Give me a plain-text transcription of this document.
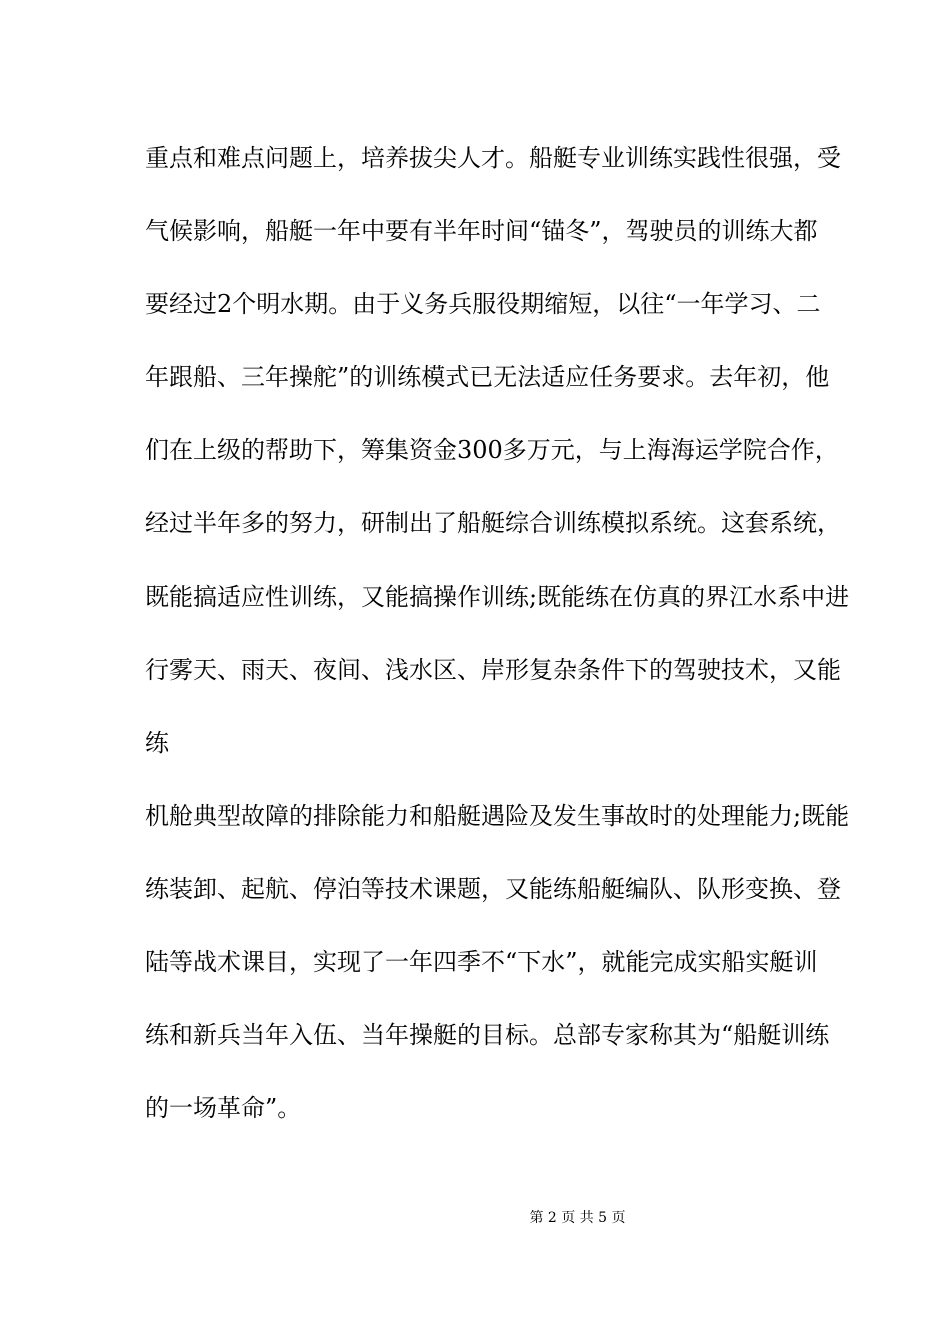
重点和难点问题上，培养拔尖人才。船艇专业训练实践性很强，受
气候影响，船艇一年中要有半年时间“锚冬”，驾驶员的训练大都
要经过2个明水期。由于义务兵服役期缩短，以往“一年学习、二
年跟船、三年操舵”的训练模式已无法适应任务要求。去年初，他
们在上级的帮助下，筹集资金300多万元，与上海海运学院合作，
经过半年多的努力，研制出了船艇综合训练模拟系统。这套系统，
既能搞适应性训练，又能搞操作训练;既能练在仿真的界江水系中进
行雾天、雨天、夜间、浅水区、岸形复杂条件下的驾驶技术，又能
练
机舱典型故障的排除能力和船艇遇险及发生事故时的处理能力;既能
练装卸、起航、停泊等技术课题，又能练船艇编队、队形变换、登
陆等战术课目，实现了一年四季不“下水”，就能完成实船实艇训
练和新兵当年入伍、当年操艇的目标。总部专家称其为“船艇训练
的一场革命”。
第 2 页 共 5 页
